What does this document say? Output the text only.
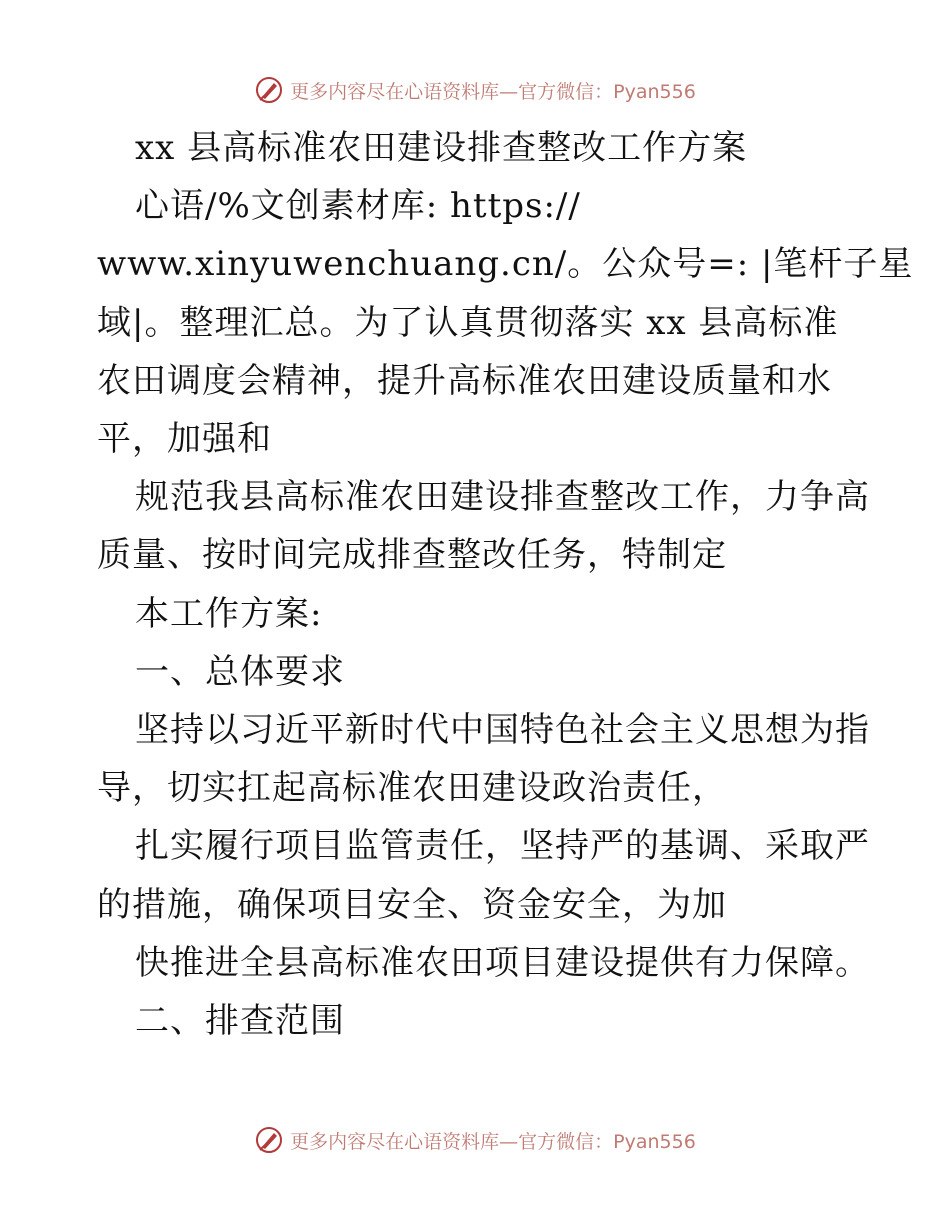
更多内容尽在心语资料库—官方微信：Pyan556
xx 县高标准农田建设排查整改工作方案
心语/%文创素材库: https://
www.xinyuwenchuang.cn/。公众号=: |笔杆子星
域|。整理汇总。为了认真贯彻落实 xx 县高标准
农田调度会精神，提升高标准农田建设质量和水
平，加强和
规范我县高标准农田建设排查整改工作，力争高
质量、按时间完成排查整改任务，特制定
本工作方案:
一、总体要求
坚持以习近平新时代中国特色社会主义思想为指
导，切实扛起高标准农田建设政治责任，
扎实履行项目监管责任，坚持严的基调、采取严
的措施，确保项目安全、资金安全，为加
快推进全县高标准农田项目建设提供有力保障。
二、排查范围
更多内容尽在心语资料库—官方微信：Pyan556
